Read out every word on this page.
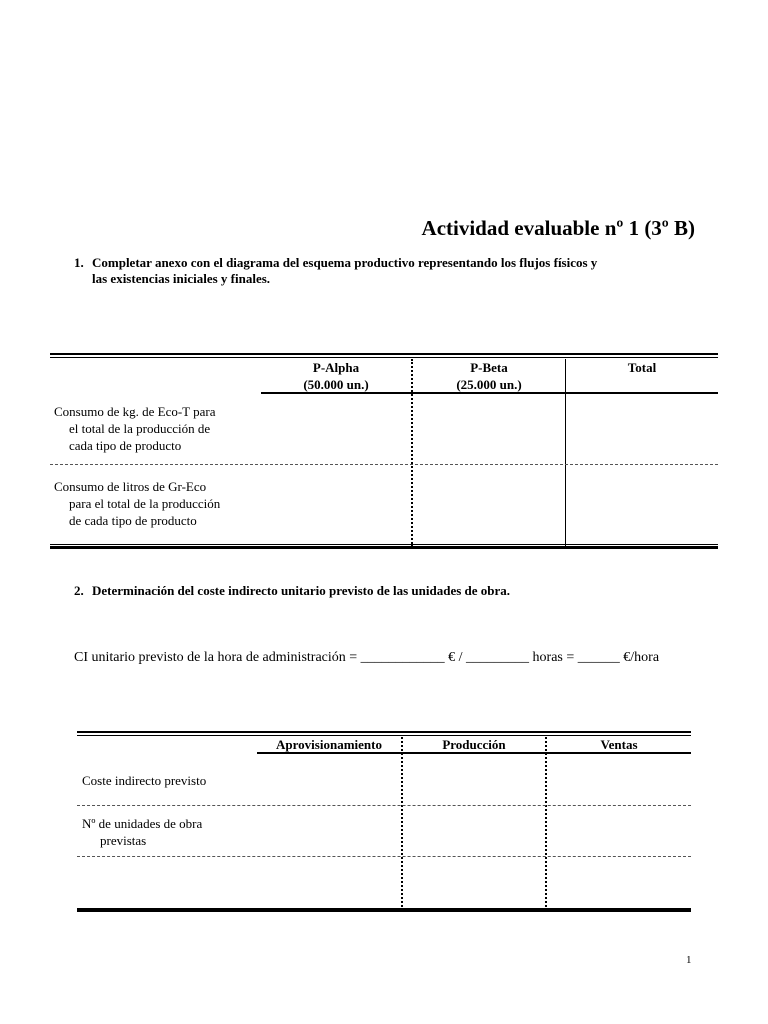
Actividad evaluable nº 1 (3º B)
1. Completar anexo con el diagrama del esquema productivo representando los flujos físicos y
las existencias iniciales y finales.
P-Alpha
(50.000 un.)
P-Beta
(25.000 un.)
Total
Consumo de kg. de Eco-T para
el total de la producción de
cada tipo de producto
Consumo de litros de Gr-Eco
para el total de la producción
de cada tipo de producto
2. Determinación del coste indirecto unitario previsto de las unidades de obra.
CI unitario previsto de la hora de administración = ____________ € / _________ horas = ______ €/hora
Aprovisionamiento	Producción	Ventas
Coste indirecto previsto
Nº de unidades de obra
previstas
1
